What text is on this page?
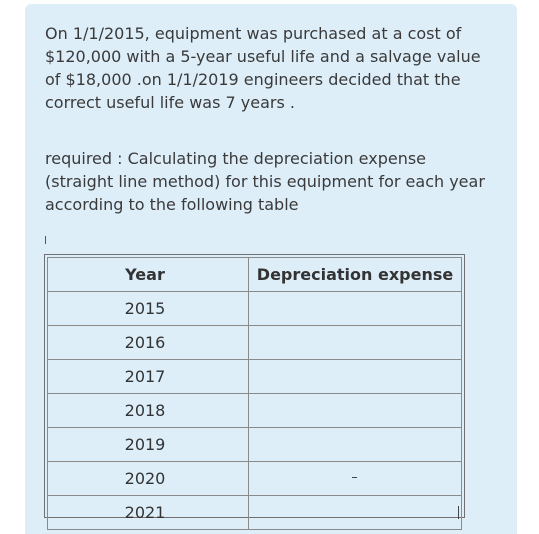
On 1/1/2015, equipment was purchased at a cost of $120,000 with a 5-year useful life and a salvage value of $18,000 .on 1/1/2019 engineers decided that the correct useful life was 7 years .

required : Calculating the depreciation expense (straight line method) for this equipment for each year according to the following table

Year	Depreciation expense
2015	
2016	
2017	
2018	
2019	
2020	
2021	
